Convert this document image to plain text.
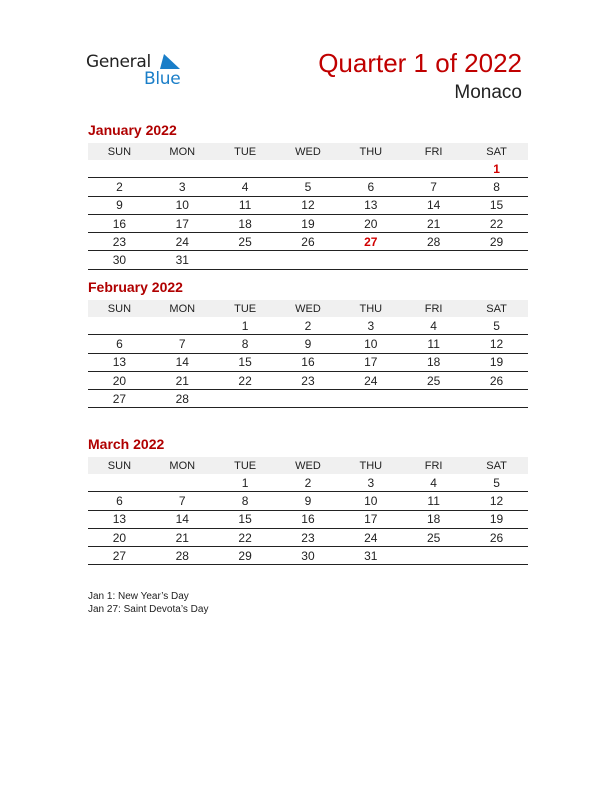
General
Blue
Quarter 1 of 2022
Monaco
January 2022
SUN	MON	TUE	WED	THU	FRI	SAT
						1
2	3	4	5	6	7	8
9	10	11	12	13	14	15
16	17	18	19	20	21	22
23	24	25	26	27	28	29
30	31					
February 2022
SUN	MON	TUE	WED	THU	FRI	SAT
		1	2	3	4	5
6	7	8	9	10	11	12
13	14	15	16	17	18	19
20	21	22	23	24	25	26
27	28					
March 2022
SUN	MON	TUE	WED	THU	FRI	SAT
		1	2	3	4	5
6	7	8	9	10	11	12
13	14	15	16	17	18	19
20	21	22	23	24	25	26
27	28	29	30	31		
Jan 1: New Year’s Day
Jan 27: Saint Devota’s Day
